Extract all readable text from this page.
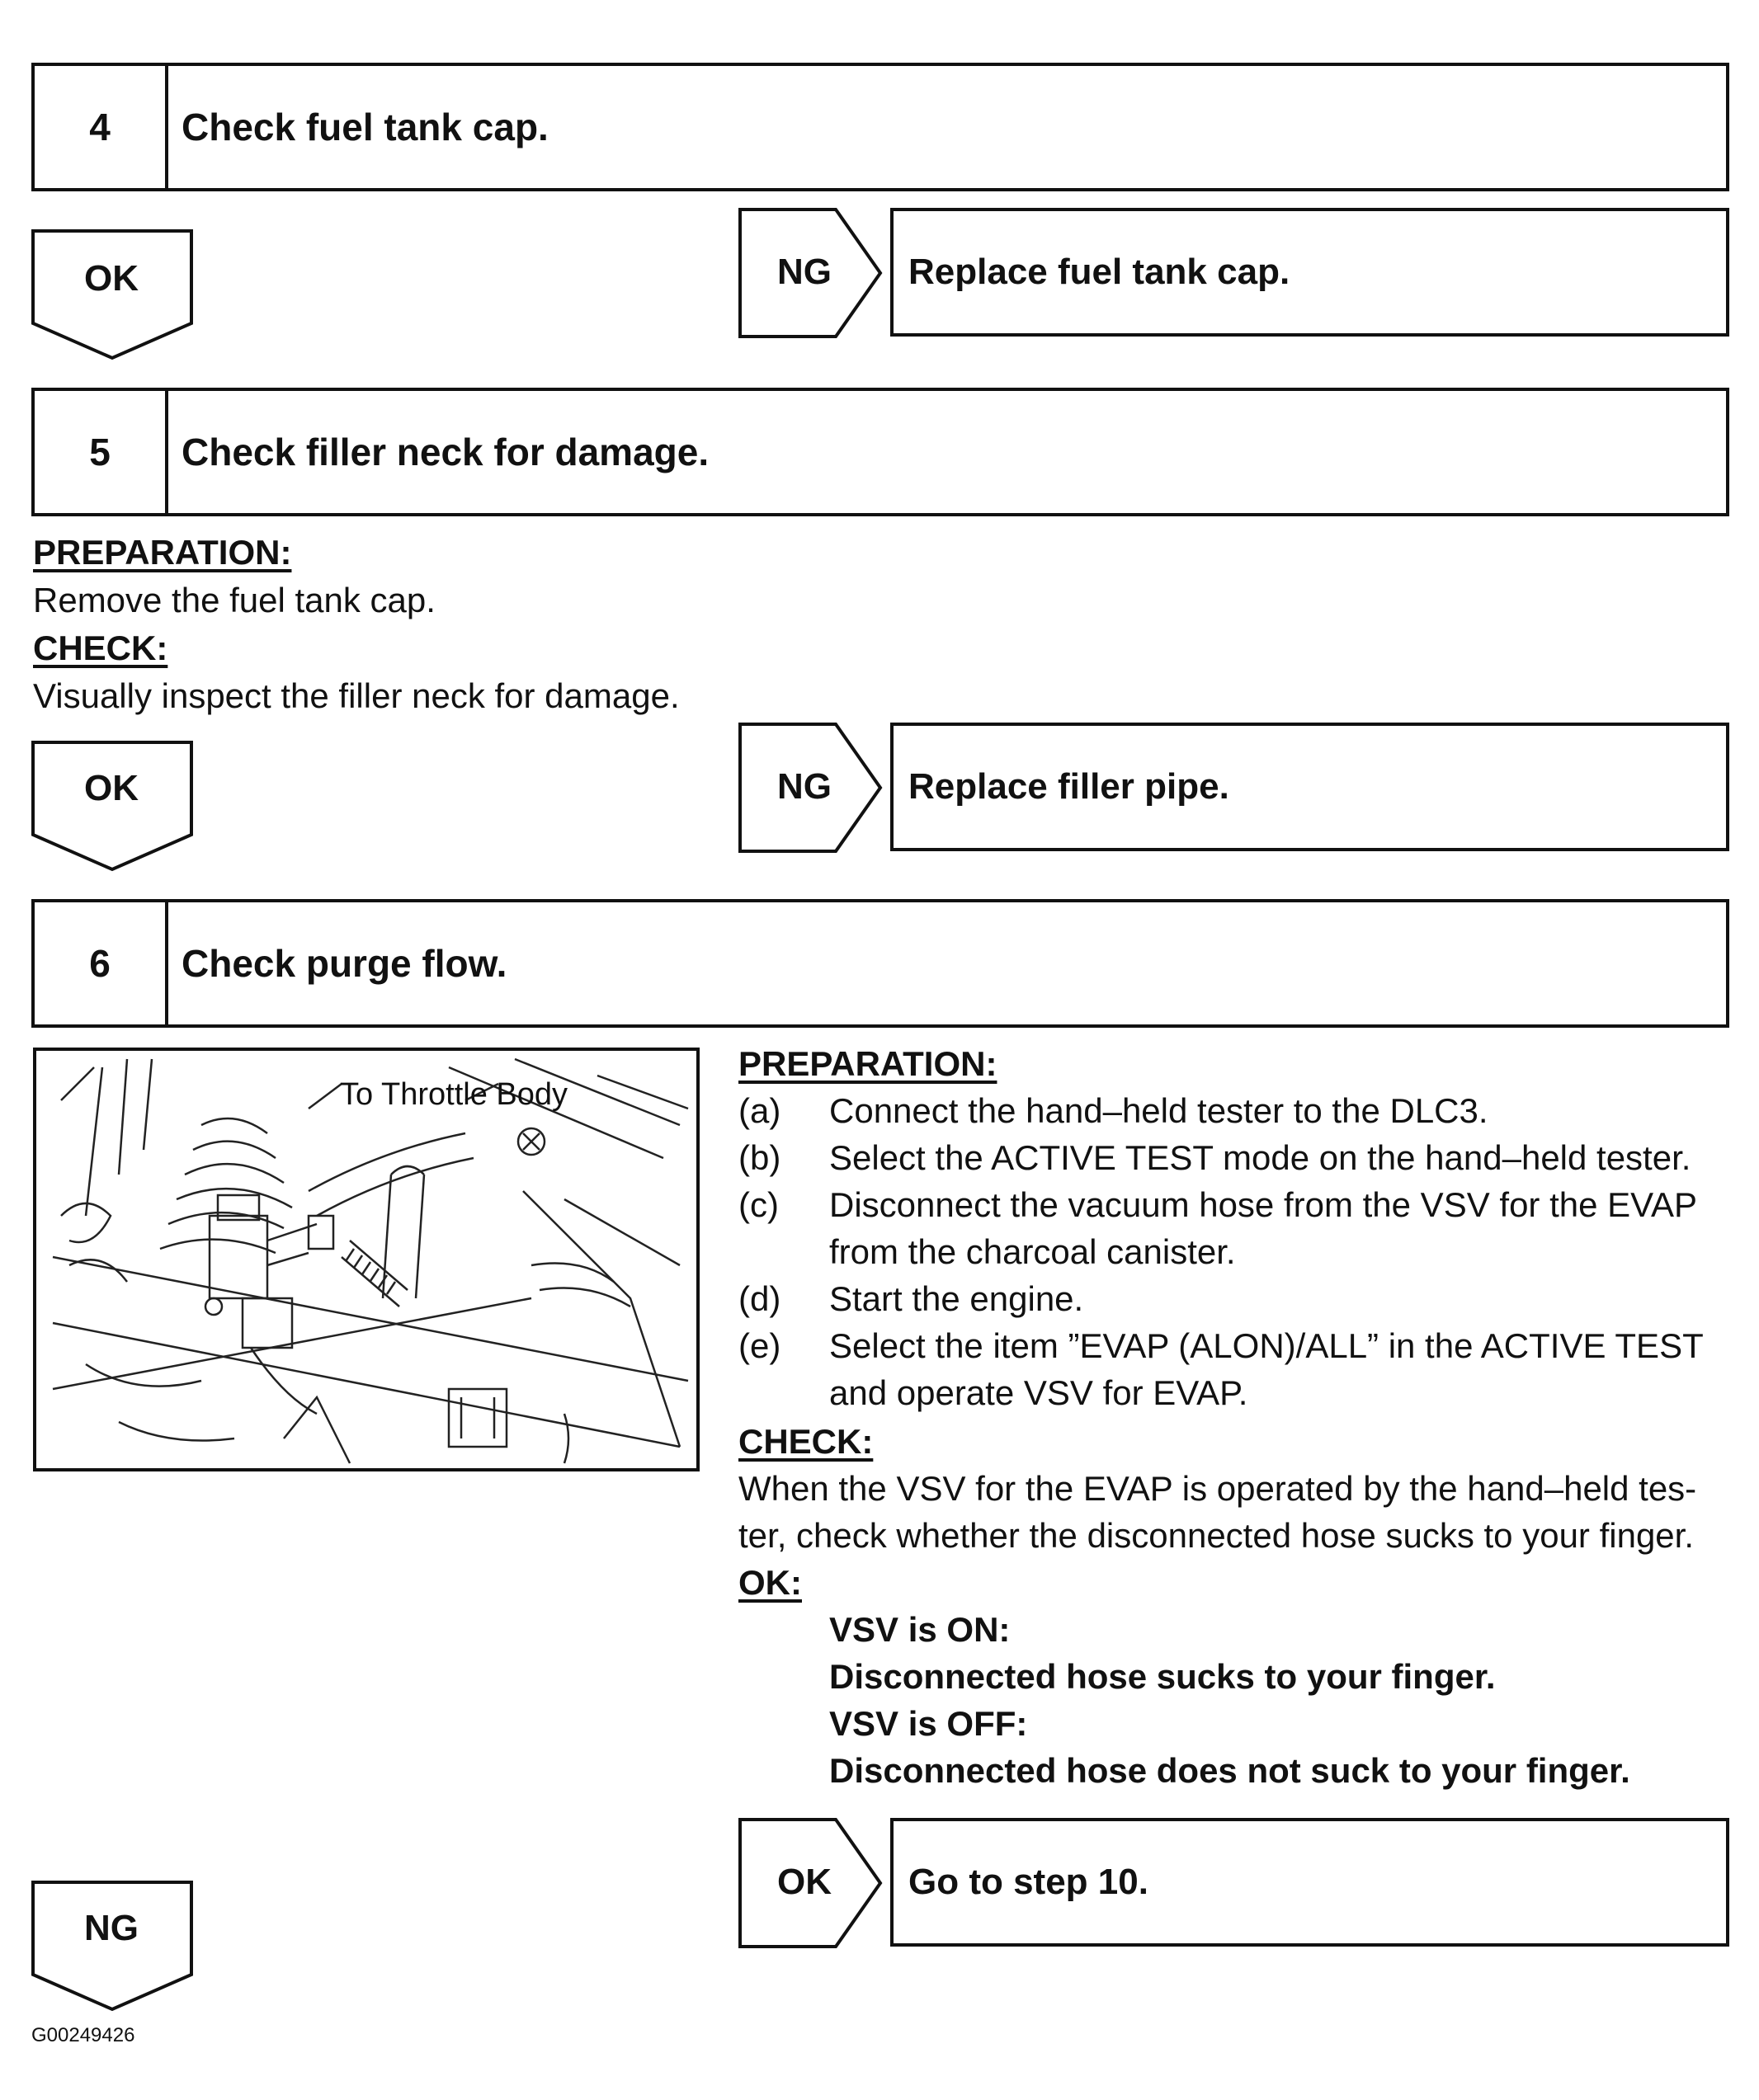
4	Check fuel tank cap.
OK	NG	Replace fuel tank cap.
5	Check filler neck for damage.
PREPARATION:
Remove the fuel tank cap.
CHECK:
Visually inspect the filler neck for damage.
OK	NG	Replace filler pipe.
6	Check purge flow.
To Throttle Body
PREPARATION:
(a) Connect the hand–held tester to the DLC3.
(b) Select the ACTIVE TEST mode on the hand–held tester.
(c) Disconnect the vacuum hose from the VSV for the EVAP
from the charcoal canister.
(d) Start the engine.
(e) Select the item ”EVAP (ALON)/ALL” in the ACTIVE TEST
and operate VSV for EVAP.
CHECK:
When the VSV for the EVAP is operated by the hand–held tes-
ter, check whether the disconnected hose sucks to your finger.
OK:
VSV is ON:
Disconnected hose sucks to your finger.
VSV is OFF:
Disconnected hose does not suck to your finger.
OK	Go to step 10.
NG
G00249426
